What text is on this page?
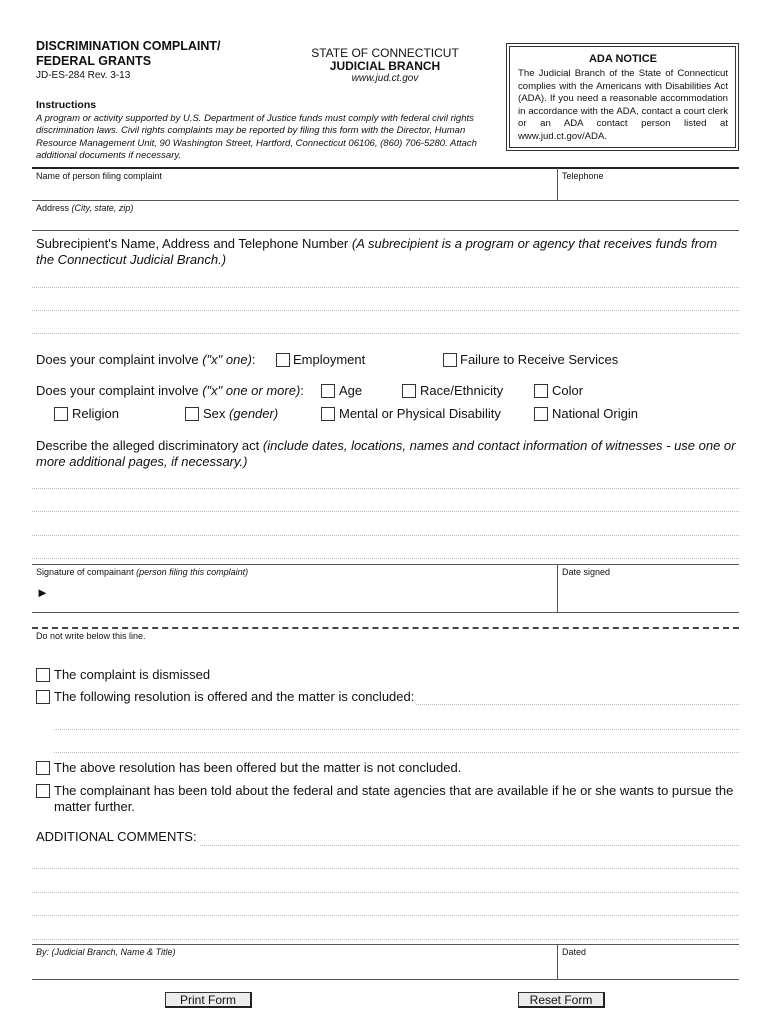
DISCRIMINATION COMPLAINT/
FEDERAL GRANTS
JD-ES-284 Rev. 3-13
STATE OF CONNECTICUT
JUDICIAL BRANCH
www.jud.ct.gov
ADA NOTICE
The Judicial Branch of the State of Connecticut complies with the Americans with Disabilities Act (ADA). If you need a reasonable accommodation in accordance with the ADA, contact a court clerk or an ADA contact person listed at www.jud.ct.gov/ADA.
Instructions
A program or activity supported by U.S. Department of Justice funds must comply with federal civil rights discrimination laws. Civil rights complaints may be reported by filing this form with the Director, Human Resource Management Unit, 90 Washington Street, Hartford, Connecticut 06106, (860) 706-5280. Attach additional documents if necessary.
Name of person filing complaint	Telephone
Address (City, state, zip)
Subrecipient's Name, Address and Telephone Number (A subrecipient is a program or agency that receives funds from the Connecticut Judicial Branch.)
Does your complaint involve ("x" one):	Employment	Failure to Receive Services
Does your complaint involve ("x" one or more):	Age	Race/Ethnicity	Color
Religion	Sex (gender)	Mental or Physical Disability	National Origin
Describe the alleged discriminatory act (include dates, locations, names and contact information of witnesses - use one or more additional pages, if necessary.)
Signature of compainant (person filing this complaint)
►
Date signed
Do not write below this line.
The complaint is dismissed
The following resolution is offered and the matter is concluded:
The above resolution has been offered but the matter is not concluded.
The complainant has been told about the federal and state agencies that are available if he or she wants to pursue the matter further.
ADDITIONAL COMMENTS:
By: (Judicial Branch, Name & Title)	Dated
Print Form	Reset Form
